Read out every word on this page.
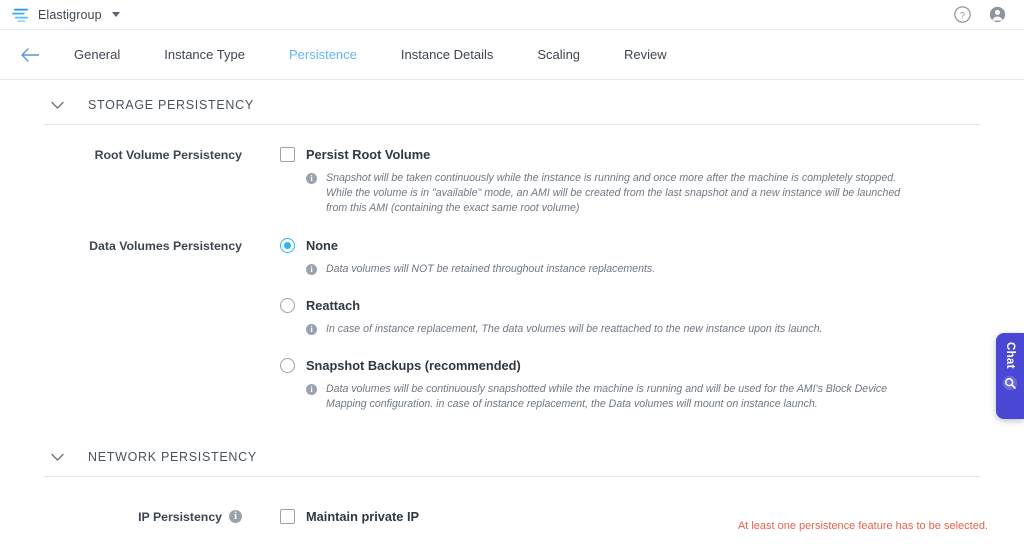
Elastigroup	?
General	Instance Type	Persistence	Instance Details	Scaling	Review
STORAGE PERSISTENCY
Root Volume Persistency	Persist Root Volume
i	Snapshot will be taken continuously while the instance is running and once more after the machine is completely stopped. While the volume is in "available" mode, an AMI will be created from the last snapshot and a new instance will be launched from this AMI (containing the exact same root volume)
Data Volumes Persistency	None
i	Data volumes will NOT be retained throughout instance replacements.
Reattach
i	In case of instance replacement, The data volumes will be reattached to the new instance upon its launch.
Snapshot Backups (recommended)
i	Data volumes will be continuously snapshotted while the machine is running and will be used for the AMI's Block Device Mapping configuration. in case of instance replacement, the Data volumes will mount on instance launch.
NETWORK PERSISTENCY
IP Persistency	i	Maintain private IP
At least one persistence feature has to be selected.
Chat
